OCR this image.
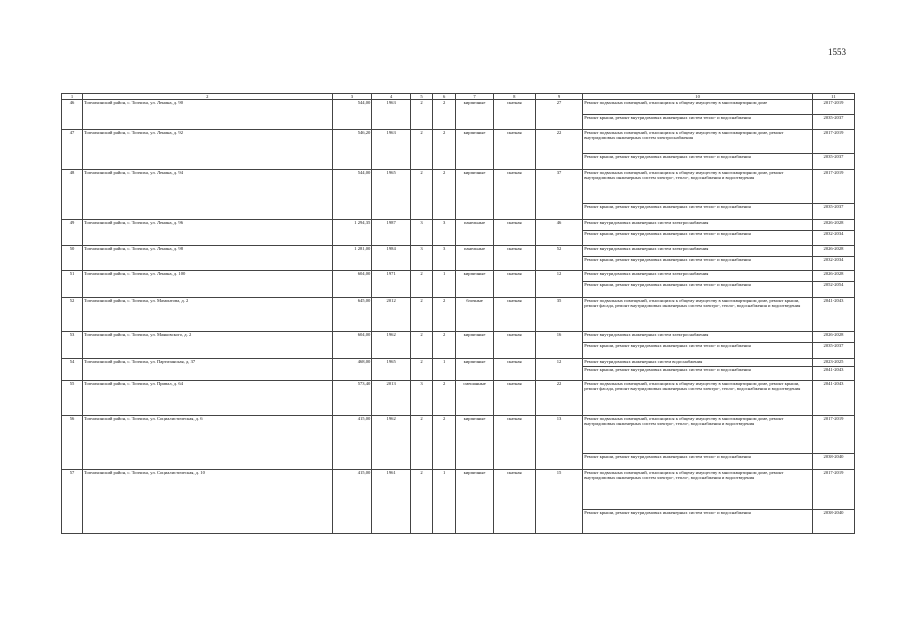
1553
1	2	3	4	5	6	7	8	9	10	11
46	Топчихинский район, с. Топчиха, ул. Ленина, д. 90	544,00	1963	2	2	кирпичные	скатная	27	Ремонт подвальных помещений, относящихся к общему имуществу в многоквартирном доме	2017-2019
									Ремонт крыши, ремонт внутридомовых инженерных систем тепло- и водоснабжения	2035-2037
47	Топчихинский район, с. Топчиха, ул. Ленина, д. 92	546,20	1963	2	2	кирпичные	скатная	22	Ремонт подвальных помещений, относящихся к общему имуществу в многоквартирном доме, ремонт внутридомовых инженерных систем электроснабжения	2017-2019
									Ремонт крыши, ремонт внутридомовых инженерных систем тепло- и водоснабжения	2035-2037
48	Топчихинский район, с. Топчиха, ул. Ленина, д. 94	544,00	1965	2	2	кирпичные	скатная	37	Ремонт подвальных помещений, относящихся к общему имуществу в многоквартирном доме, ремонт внутридомовых инженерных систем электро-, тепло-, водоснабжения и водоотведения	2017-2019
									Ремонт крыши, ремонт внутридомовых инженерных систем тепло- и водоснабжения	2035-2037
49	Топчихинский район, с. Топчиха, ул. Ленина, д. 96	1 294,35	1987	3	3	панельные	скатная	46	Ремонт внутридомовых инженерных систем электроснабжения	2026-2028
									Ремонт крыши, ремонт внутридомовых инженерных систем тепло- и водоснабжения	2032-2034
50	Топчихинский район, с. Топчиха, ул. Ленина, д. 98	1 281,00	1984	3	3	панельные	скатная	52	Ремонт внутридомовых инженерных систем электроснабжения	2026-2028
									Ремонт крыши, ремонт внутридомовых инженерных систем тепло- и водоснабжения	2032-2034
51	Топчихинский район, с. Топчиха, ул. Ленина, д. 100	604,00	1971	2	1	кирпичные	скатная	12	Ремонт внутридомовых инженерных систем электроснабжения	2026-2028
									Ремонт крыши, ремонт внутридомовых инженерных систем тепло- и водоснабжения	2052-2054
52	Топчихинский район, с. Топчиха, ул. Мамонтова, д. 2	645,00	2012	2	2	блочные	скатная	35	Ремонт подвальных помещений, относящихся к общему имуществу в многоквартирном доме, ремонт крыши, ремонт фасада, ремонт внутридомовых инженерных систем электро-, тепло-, водоснабжения и водоотведения	2041-2043
53	Топчихинский район, с. Топчиха, ул. Маяковского, д. 2	604,00	1962	2	2	кирпичные	скатная	16	Ремонт внутридомовых инженерных систем электроснабжения	2026-2028
									Ремонт крыши, ремонт внутридомовых инженерных систем тепло- и водоснабжения	2035-2037
54	Топчихинский район, с. Топчиха, ул. Партизанская, д. 37	468,00	1965	2	1	кирпичные	скатная	12	Ремонт внутридомовых инженерных систем водоснабжения	2023-2025
									Ремонт крыши, ремонт внутридомовых инженерных систем тепло- и водоснабжения	2041-2043
55	Топчихинский район, с. Топчиха, ул. Привал, д. 64	573,40	2013	3	2	смешанные	скатная	22	Ремонт подвальных помещений, относящихся к общему имуществу в многоквартирном доме, ремонт крыши, ремонт фасада, ремонт внутридомовых инженерных систем электро-, тепло-, водоснабжения и водоотведения	2041-2043
56	Топчихинский район, с. Топчиха, ул. Социалистическая, д. 6	415,00	1962	2	2	кирпичные	скатная	13	Ремонт подвальных помещений, относящихся к общему имуществу в многоквартирном доме, ремонт внутридомовых инженерных систем электро-, тепло-, водоснабжения и водоотведения	2017-2019
									Ремонт крыши, ремонт внутридомовых инженерных систем тепло- и водоснабжения	2038-2040
57	Топчихинский район, с. Топчиха, ул. Социалистическая, д. 10	415,00	1961	2	1	кирпичные	скатная	15	Ремонт подвальных помещений, относящихся к общему имуществу в многоквартирном доме, ремонт внутридомовых инженерных систем электро-, тепло-, водоснабжения и водоотведения	2017-2019
									Ремонт крыши, ремонт внутридомовых инженерных систем тепло- и водоснабжения	2038-2040
